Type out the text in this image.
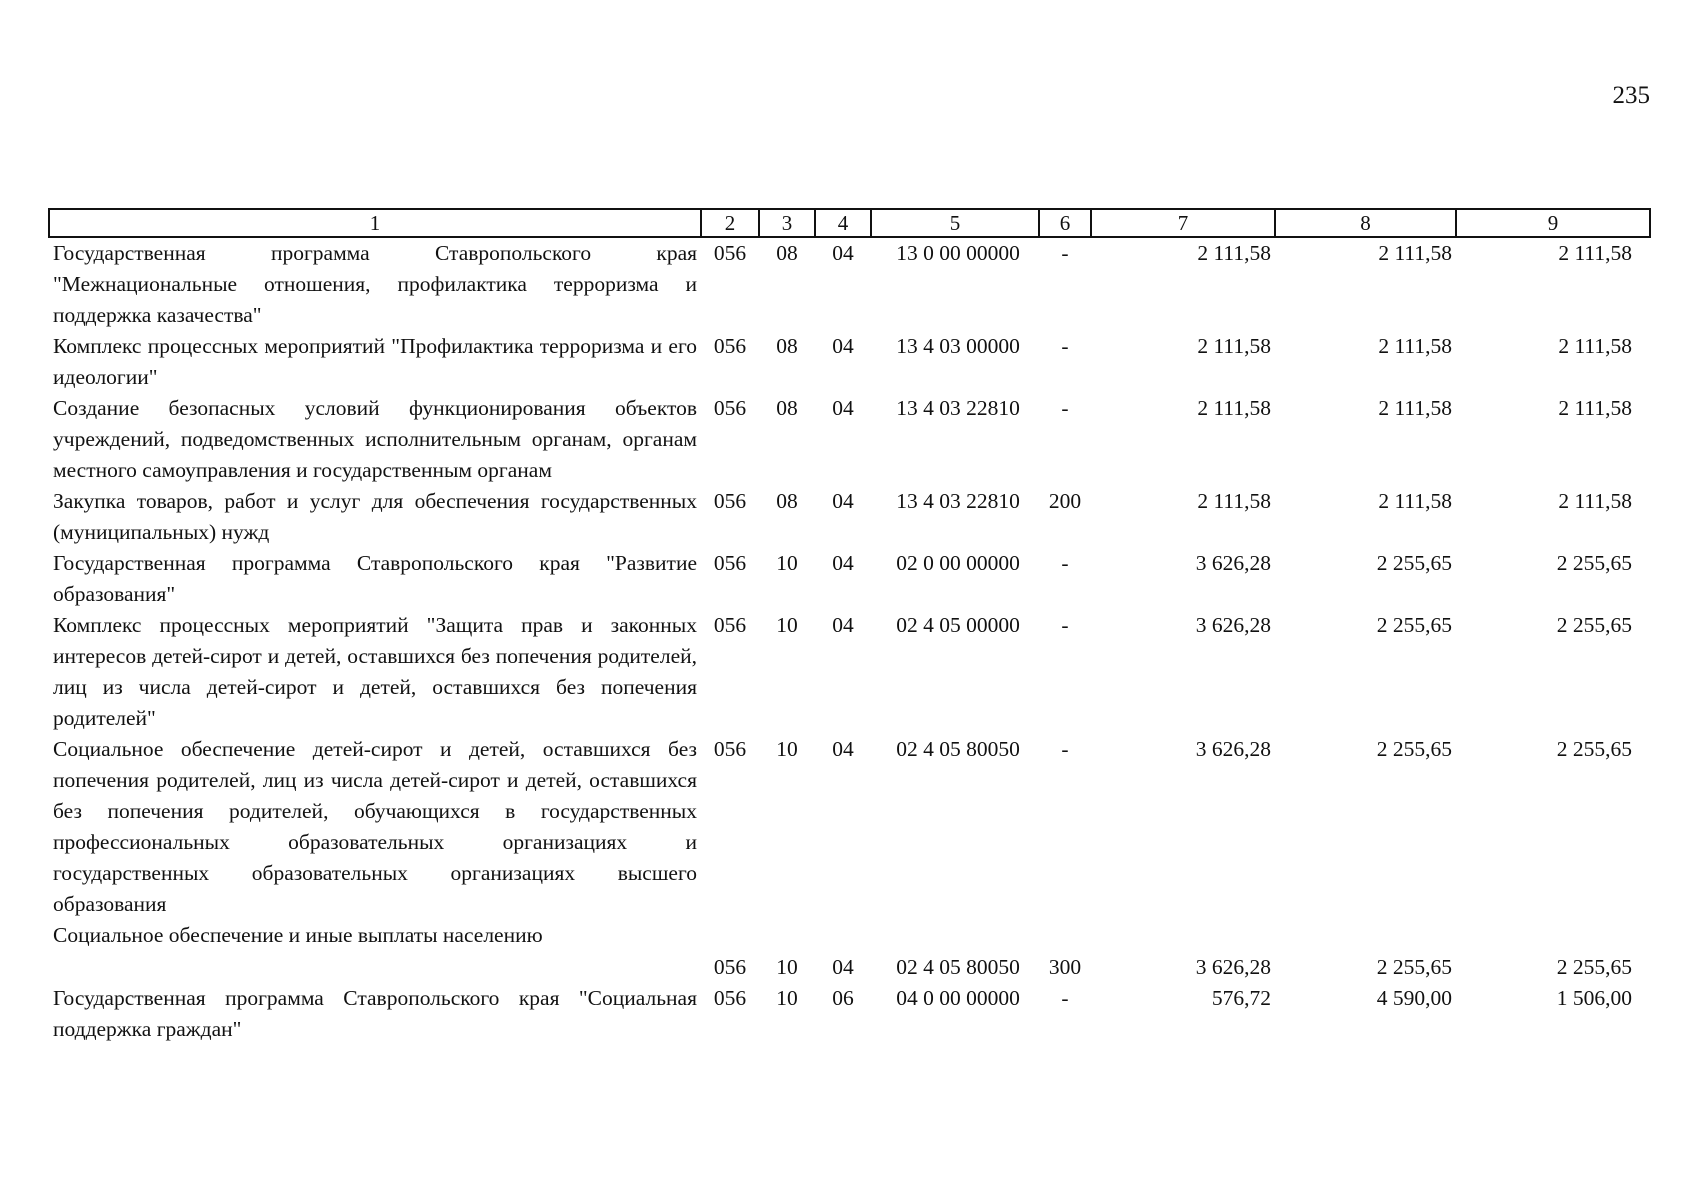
235
1	2	3	4	5	6	7	8	9
Государственная программа Ставропольского края "Межнациональные отношения, профилактика терроризма и поддержка казачества"	056	08	04	13 0 00 00000	-	2 111,58	2 111,58	2 111,58
Комплекс процессных мероприятий "Профилактика терроризма и его идеологии"	056	08	04	13 4 03 00000	-	2 111,58	2 111,58	2 111,58
Создание безопасных условий функционирования объектов учреждений, подведомственных исполнительным органам, органам местного самоуправления и государственным органам	056	08	04	13 4 03 22810	-	2 111,58	2 111,58	2 111,58
Закупка товаров, работ и услуг для обеспечения государственных (муниципальных) нужд	056	08	04	13 4 03 22810	200	2 111,58	2 111,58	2 111,58
Государственная программа Ставропольского края "Развитие образования"	056	10	04	02 0 00 00000	-	3 626,28	2 255,65	2 255,65
Комплекс процессных мероприятий "Защита прав и законных интересов детей-сирот и детей, оставшихся без попечения родителей, лиц из числа детей-сирот и детей, оставшихся без попечения родителей"	056	10	04	02 4 05 00000	-	3 626,28	2 255,65	2 255,65
Социальное обеспечение детей-сирот и детей, оставшихся без попечения родителей, лиц из числа детей-сирот и детей, оставшихся без попечения родителей, обучающихся в государственных профессиональных образовательных организациях и государственных образовательных организациях высшего образования	056	10	04	02 4 05 80050	-	3 626,28	2 255,65	2 255,65
Социальное обеспечение и иные выплаты населению	056	10	04	02 4 05 80050	300	3 626,28	2 255,65	2 255,65
Государственная программа Ставропольского края "Социальная поддержка граждан"	056	10	06	04 0 00 00000	-	576,72	4 590,00	1 506,00
